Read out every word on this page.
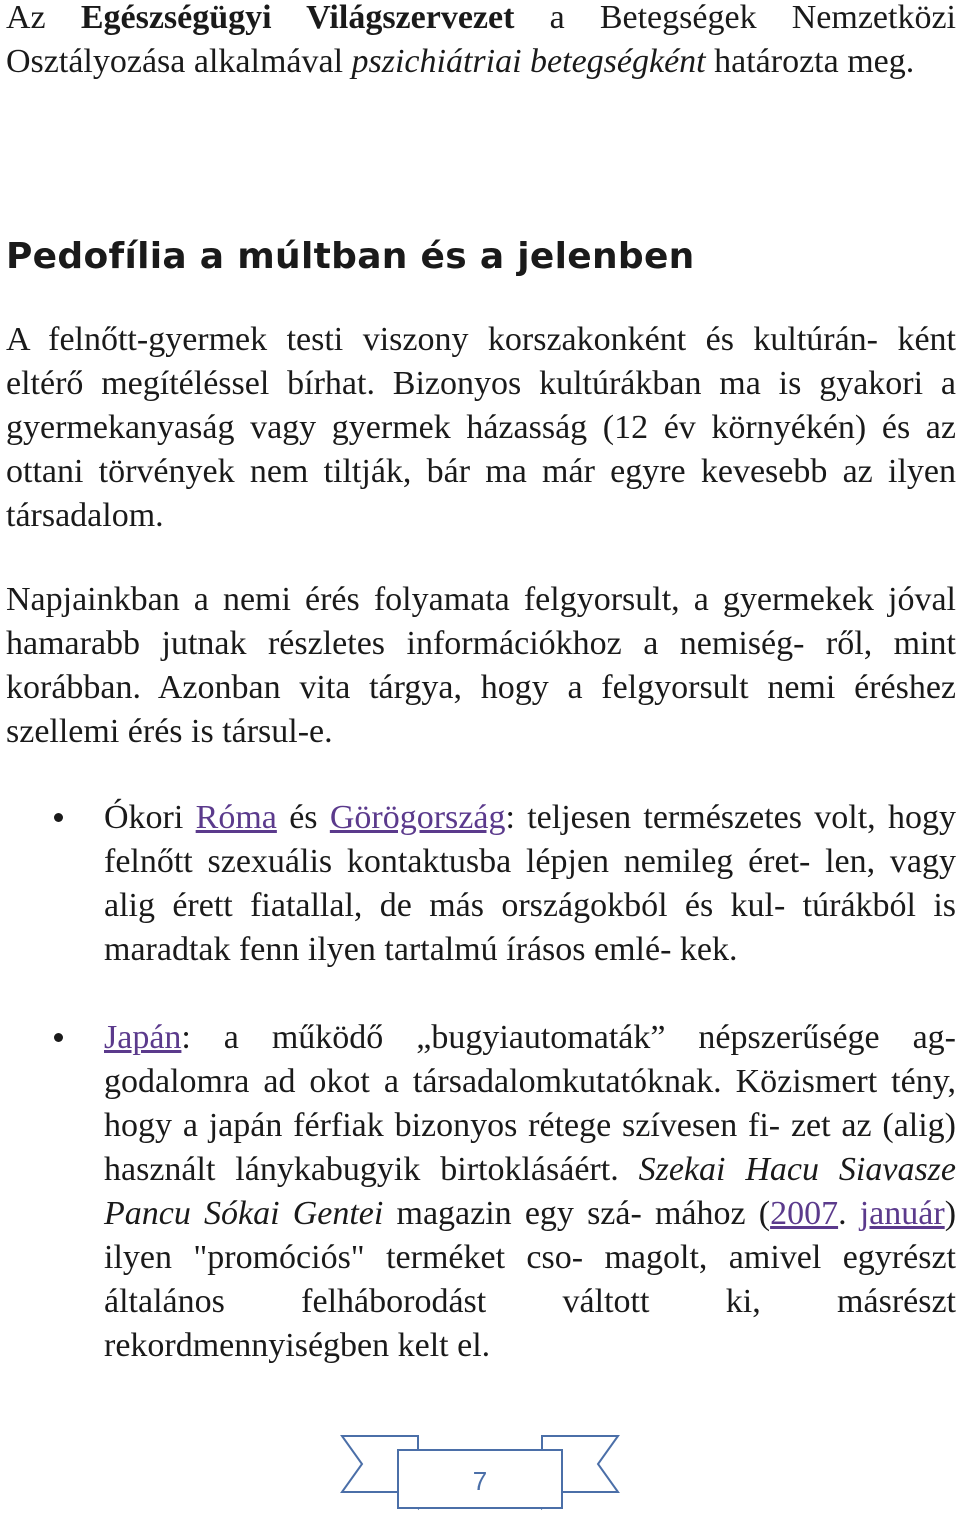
Az Egészségügyi Világszervezet a Betegségek Nemzetközi Osztályozása alkalmával pszichiátriai betegségként határozta meg.

Pedofília a múltban és a jelenben

A felnőtt-gyermek testi viszony korszakonként és kultúrán- ként eltérő megítéléssel bírhat. Bizonyos kultúrákban ma is gyakori a gyermekanyaság vagy gyermek házasság (12 év környékén) és az ottani törvények nem tiltják, bár ma már egyre kevesebb az ilyen társadalom.

Napjainkban a nemi érés folyamata felgyorsult, a gyermekek jóval hamarabb jutnak részletes információkhoz a nemiség- ről, mint korábban. Azonban vita tárgya, hogy a felgyorsult nemi éréshez szellemi érés is társul-e.

Ókori Róma és Görögország: teljesen természetes volt, hogy felnőtt szexuális kontaktusba lépjen nemileg éret- len, vagy alig érett fiatallal, de más országokból és kul- túrákból is maradtak fenn ilyen tartalmú írásos emlé- kek.
Japán: a működő „bugyiautomaták” népszerűsége ag- godalomra ad okot a társadalomkutatóknak. Közismert tény, hogy a japán férfiak bizonyos rétege szívesen fi- zet az (alig) használt lánykabugyik birtoklásáért. Szekai Hacu Siavasze Pancu Sókai Gentei magazin egy szá- mához (2007. január) ilyen "promóciós" terméket cso- magolt, amivel egyrészt általános felháborodást váltott ki, másrészt rekordmennyiségben kelt el.
7
